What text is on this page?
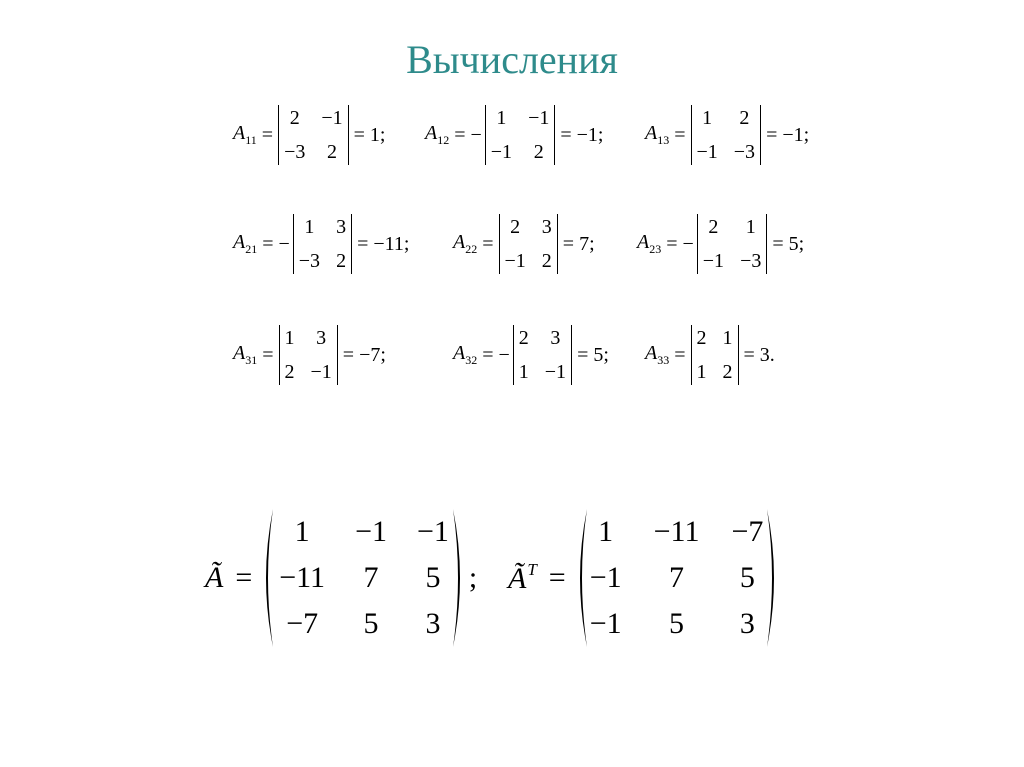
Вычисления
$A_{11}$ =
2 −1
−3 2
= 1; $A_{12}$ = −
1 −1
−1 2
= −1; $A_{13}$ =
1 2
−1 −3
= −1;
$A_{21}$ = −
1 3
−3 2
= −11; $A_{22}$ =
2 3
−1 2
= 7; $A_{23}$ = −
2 1
−1 −3
= 5;
$A_{31}$ =
1 3
2 −1
= −7;	$A_{32}$ = −
2 3
1 −1
= 5; $A_{33}$ =
2 1
1 2
= 3.
Ã =
1	−1 −1
−11 7 5
−7 5 3
; $Ã^T$ =
1 −11 −7
−1	7	5
−1	5	3
